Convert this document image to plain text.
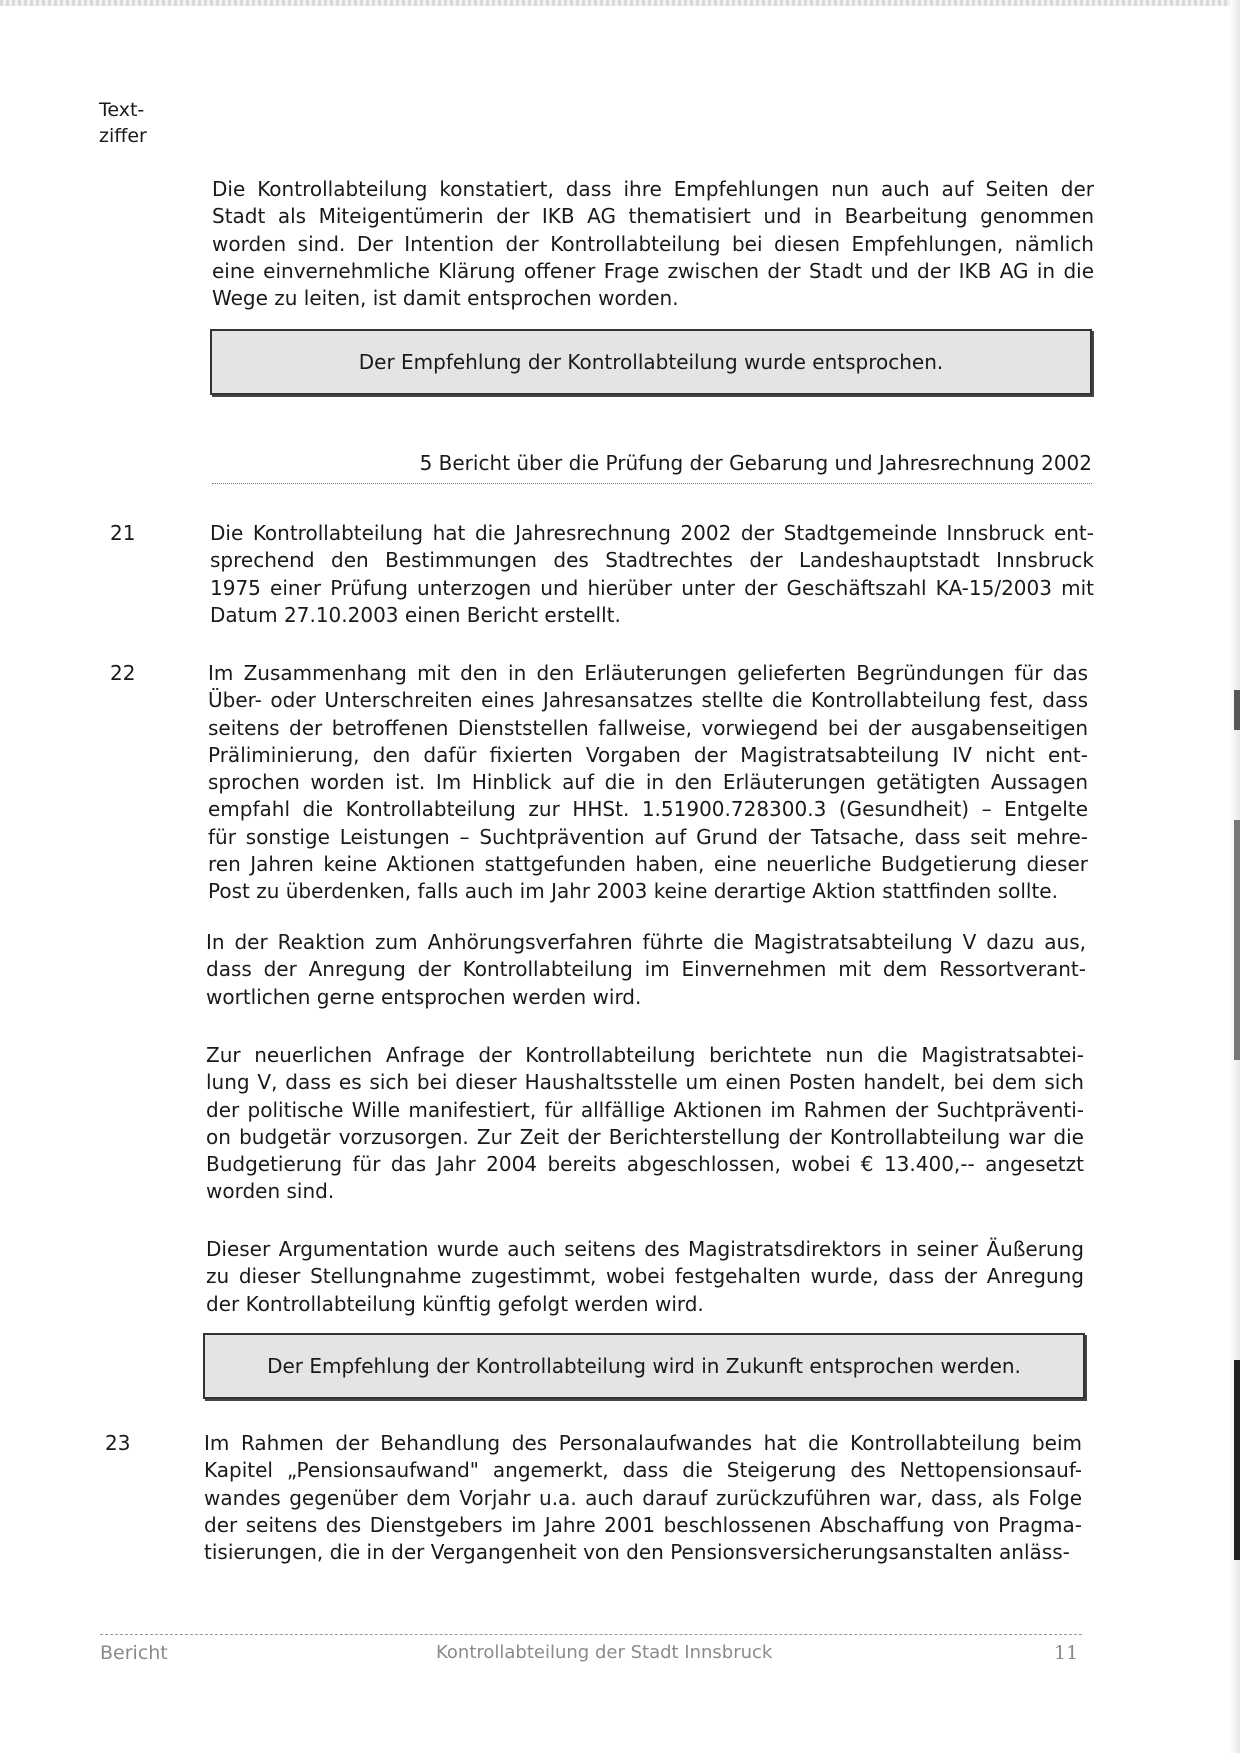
Text-
ziffer
Die Kontrollabteilung konstatiert, dass ihre Empfehlungen nun auch auf Seiten der
Stadt als Miteigentümerin der IKB AG thematisiert und in Bearbeitung genommen
worden sind. Der Intention der Kontrollabteilung bei diesen Empfehlungen, nämlich
eine einvernehmliche Klärung offener Frage zwischen der Stadt und der IKB AG in die
Wege zu leiten, ist damit entsprochen worden.
Der Empfehlung der Kontrollabteilung wurde entsprochen.
5 Bericht über die Prüfung der Gebarung und Jahresrechnung 2002
21	Die Kontrollabteilung hat die Jahresrechnung 2002 der Stadtgemeinde Innsbruck ent-
sprechend den Bestimmungen des Stadtrechtes der Landeshauptstadt Innsbruck
1975 einer Prüfung unterzogen und hierüber unter der Geschäftszahl KA-15/2003 mit
Datum 27.10.2003 einen Bericht erstellt.
22	Im Zusammenhang mit den in den Erläuterungen gelieferten Begründungen für das
Über- oder Unterschreiten eines Jahresansatzes stellte die Kontrollabteilung fest, dass
seitens der betroffenen Dienststellen fallweise, vorwiegend bei der ausgabenseitigen
Präliminierung, den dafür fixierten Vorgaben der Magistratsabteilung IV nicht ent-
sprochen worden ist. Im Hinblick auf die in den Erläuterungen getätigten Aussagen
empfahl die Kontrollabteilung zur HHSt. 1.51900.728300.3 (Gesundheit) – Entgelte
für sonstige Leistungen – Suchtprävention auf Grund der Tatsache, dass seit mehre-
ren Jahren keine Aktionen stattgefunden haben, eine neuerliche Budgetierung dieser
Post zu überdenken, falls auch im Jahr 2003 keine derartige Aktion stattfinden sollte.
In der Reaktion zum Anhörungsverfahren führte die Magistratsabteilung V dazu aus,
dass der Anregung der Kontrollabteilung im Einvernehmen mit dem Ressortverant-
wortlichen gerne entsprochen werden wird.
Zur neuerlichen Anfrage der Kontrollabteilung berichtete nun die Magistratsabtei-
lung V, dass es sich bei dieser Haushaltsstelle um einen Posten handelt, bei dem sich
der politische Wille manifestiert, für allfällige Aktionen im Rahmen der Suchtpräventi-
on budgetär vorzusorgen. Zur Zeit der Berichterstellung der Kontrollabteilung war die
Budgetierung für das Jahr 2004 bereits abgeschlossen, wobei € 13.400,-- angesetzt
worden sind.
Dieser Argumentation wurde auch seitens des Magistratsdirektors in seiner Äußerung
zu dieser Stellungnahme zugestimmt, wobei festgehalten wurde, dass der Anregung
der Kontrollabteilung künftig gefolgt werden wird.
Der Empfehlung der Kontrollabteilung wird in Zukunft entsprochen werden.
23	Im Rahmen der Behandlung des Personalaufwandes hat die Kontrollabteilung beim
Kapitel „Pensionsaufwand" angemerkt, dass die Steigerung des Nettopensionsauf-
wandes gegenüber dem Vorjahr u.a. auch darauf zurückzuführen war, dass, als Folge
der seitens des Dienstgebers im Jahre 2001 beschlossenen Abschaffung von Pragma-
tisierungen, die in der Vergangenheit von den Pensionsversicherungsanstalten anläss-
Bericht	Kontrollabteilung der Stadt Innsbruck	11
